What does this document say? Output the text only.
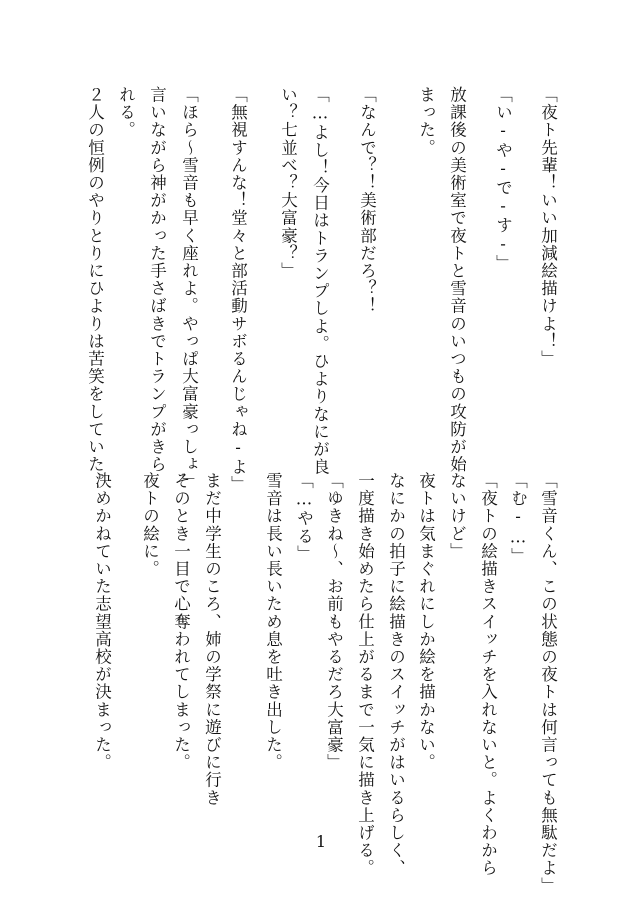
「夜ト先輩！いい加減絵描けよ！」

「い-や-で-す-」

放課後の美術室で夜トと雪音のいつもの攻防が始

まった。

「なんで？！美術部だろ？！

「…よし！今日はトランプしよ。ひよりなにが良

い？七並べ？大富豪？」

「無視すんな！堂々と部活動サボるんじゃね-よ」

「ほら～雪音も早く座れよ。やっぱ大富豪っしょ」

言いながら神がかった手さばきでトランプがきら

れる。

２人の恒例のやりとりにひよりは苦笑をしていた。

「雪音くん、この状態の夜トは何言っても無駄だよ」

「む-…」

「夜トの絵描きスイッチを入れないと。よくわから

ないけど」

夜トは気まぐれにしか絵を描かない。

なにかの拍子に絵描きのスイッチがはいるらしく、

一度描き始めたら仕上がるまで一気に描き上げる。

「ゆきね～、お前もやるだろ大富豪」

「…やる」

雪音は長い長いため息を吐き出した。

まだ中学生のころ、姉の学祭に遊びに行き

そのとき一目で心奪われてしまった。

夜トの絵に。

決めかねていた志望高校が決まった。

1
